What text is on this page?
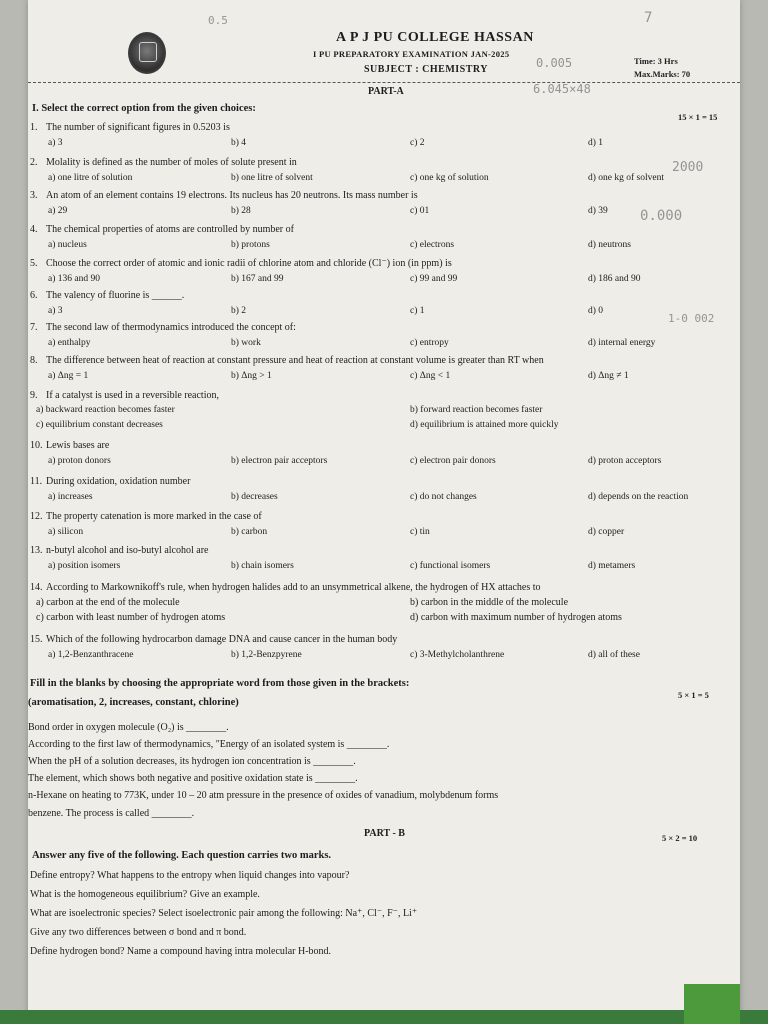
0.005
6.045×48
2000
0.000
1-0 002
0.5	7
A P J PU COLLEGE HASSAN
I PU PREPARATORY EXAMINATION JAN-2025
SUBJECT : CHEMISTRY
Time: 3 Hrs
Max.Marks: 70
PART-A
I. Select the correct option from the given choices:
15 × 1 = 15
Fill in the blanks by choosing the appropriate word from those given in the brackets:
(aromatisation, 2, increases, constant, chlorine)
5 × 1 = 5
PART - B	5 × 2 = 10
Answer any five of the following. Each question carries two marks.
1. The number of significant figures in 0.5203 is
a) 3	b) 4	c) 2	d) 1
2. Molality is defined as the number of moles of solute present in
a) one litre of solution	b) one litre of solvent	c) one kg of solution	d) one kg of solvent
3. An atom of an element contains 19 electrons. Its nucleus has 20 neutrons. Its mass number is
a) 29	b) 28	c) 01	d) 39
4. The chemical properties of atoms are controlled by number of
a) nucleus	b) protons	c) electrons	d) neutrons
5. Choose the correct order of atomic and ionic radii of chlorine atom and chloride (Cl⁻) ion (in ppm) is
a) 136 and 90	b) 167 and 99	c) 99 and 99	d) 186 and 90
6. The valency of fluorine is ______.
a) 3	b) 2	c) 1	d) 0
7. The second law of thermodynamics introduced the concept of:
a) enthalpy	b) work	c) entropy	d) internal energy
8. The difference between heat of reaction at constant pressure and heat of reaction at constant volume is greater than RT when
a) Δng = 1	b) Δng > 1	c) Δng < 1	d) Δng ≠ 1
9. If a catalyst is used in a reversible reaction,
a) backward reaction becomes faster	b) forward reaction becomes faster
c) equilibrium constant decreases	d) equilibrium is attained more quickly
10. Lewis bases are
a) proton donors	b) electron pair acceptors	c) electron pair donors	d) proton acceptors
11. During oxidation, oxidation number
a) increases	b) decreases	c) do not changes	d) depends on the reaction
12. The property catenation is more marked in the case of
a) silicon	b) carbon	c) tin	d) copper
13. n-butyl alcohol and iso-butyl alcohol are
a) position isomers	b) chain isomers	c) functional isomers	d) metamers
14. According to Markownikoff's rule, when hydrogen halides add to an unsymmetrical alkene, the hydrogen of HX attaches to
a) carbon at the end of the molecule	b) carbon in the middle of the molecule
c) carbon with least number of hydrogen atoms	d) carbon with maximum number of hydrogen atoms
15. Which of the following hydrocarbon damage DNA and cause cancer in the human body
a) 1,2-Benzanthracene	b) 1,2-Benzpyrene	c) 3-Methylcholanthrene	d) all of these
Bond order in oxygen molecule (O₂) is ________.
According to the first law of thermodynamics, "Energy of an isolated system is ________.
When the pH of a solution decreases, its hydrogen ion concentration is ________.
The element, which shows both negative and positive oxidation state is ________.
n-Hexane on heating to 773K, under 10 – 20 atm pressure in the presence of oxides of vanadium, molybdenum forms
benzene. The process is called ________.
Define entropy? What happens to the entropy when liquid changes into vapour?
What is the homogeneous equilibrium? Give an example.
What are isoelectronic species? Select isoelectronic pair among the following: Na⁺, Cl⁻, F⁻, Li⁺
Give any two differences between σ bond and π bond.
Define hydrogen bond? Name a compound having intra molecular H-bond.
